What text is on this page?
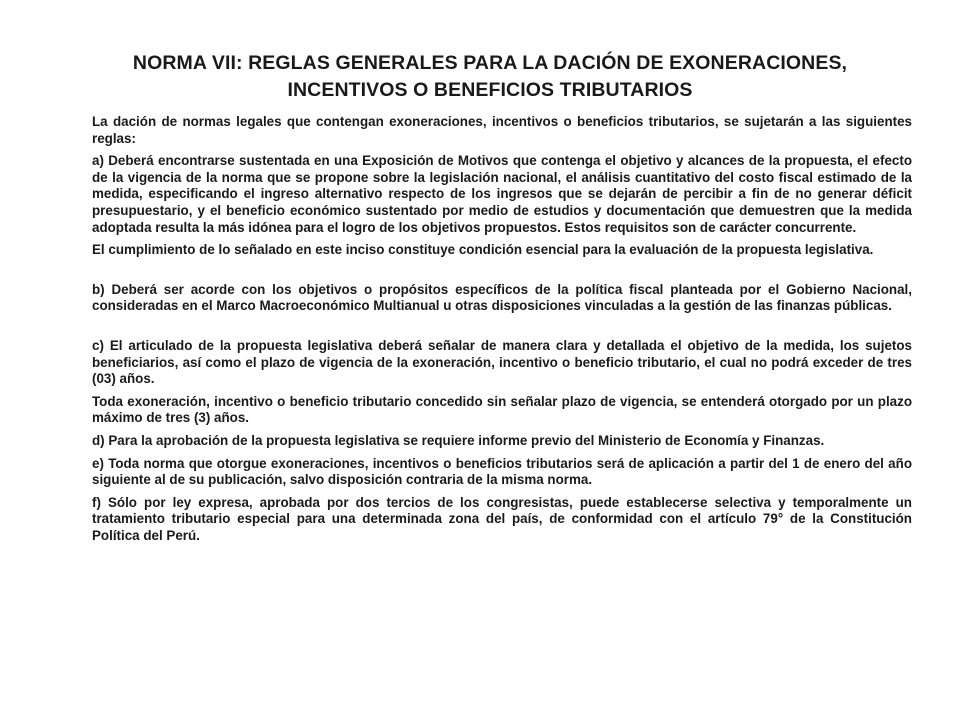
NORMA VII: REGLAS GENERALES PARA LA DACIÓN DE EXONERACIONES,
INCENTIVOS O BENEFICIOS TRIBUTARIOS

La dación de normas legales que contengan exoneraciones, incentivos o beneficios tributarios, se sujetarán a las siguientes reglas:

a) Deberá encontrarse sustentada en una Exposición de Motivos que contenga el objetivo y alcances de la propuesta, el efecto de la vigencia de la norma que se propone sobre la legislación nacional, el análisis cuantitativo del costo fiscal estimado de la medida, especificando el ingreso alternativo respecto de los ingresos que se dejarán de percibir a fin de no generar déficit presupuestario, y el beneficio económico sustentado por medio de estudios y documentación que demuestren que la medida adoptada resulta la más idónea para el logro de los objetivos propuestos. Estos requisitos son de carácter concurrente.

El cumplimiento de lo señalado en este inciso constituye condición esencial para la evaluación de la propuesta legislativa.

b) Deberá ser acorde con los objetivos o propósitos específicos de la política fiscal planteada por el Gobierno Nacional, consideradas en el Marco Macroeconómico Multianual u otras disposiciones vinculadas a la gestión de las finanzas públicas.

c) El articulado de la propuesta legislativa deberá señalar de manera clara y detallada el objetivo de la medida, los sujetos beneficiarios, así como el plazo de vigencia de la exoneración, incentivo o beneficio tributario, el cual no podrá exceder de tres (03) años.

Toda exoneración, incentivo o beneficio tributario concedido sin señalar plazo de vigencia, se entenderá otorgado por un plazo máximo de tres (3) años.

d) Para la aprobación de la propuesta legislativa se requiere informe previo del Ministerio de Economía y Finanzas.

e) Toda norma que otorgue exoneraciones, incentivos o beneficios tributarios será de aplicación a partir del 1 de enero del año siguiente al de su publicación, salvo disposición contraria de la misma norma.

f) Sólo por ley expresa, aprobada por dos tercios de los congresistas, puede establecerse selectiva y temporalmente un tratamiento tributario especial para una determinada zona del país, de conformidad con el artículo 79° de la Constitución Política del Perú.
